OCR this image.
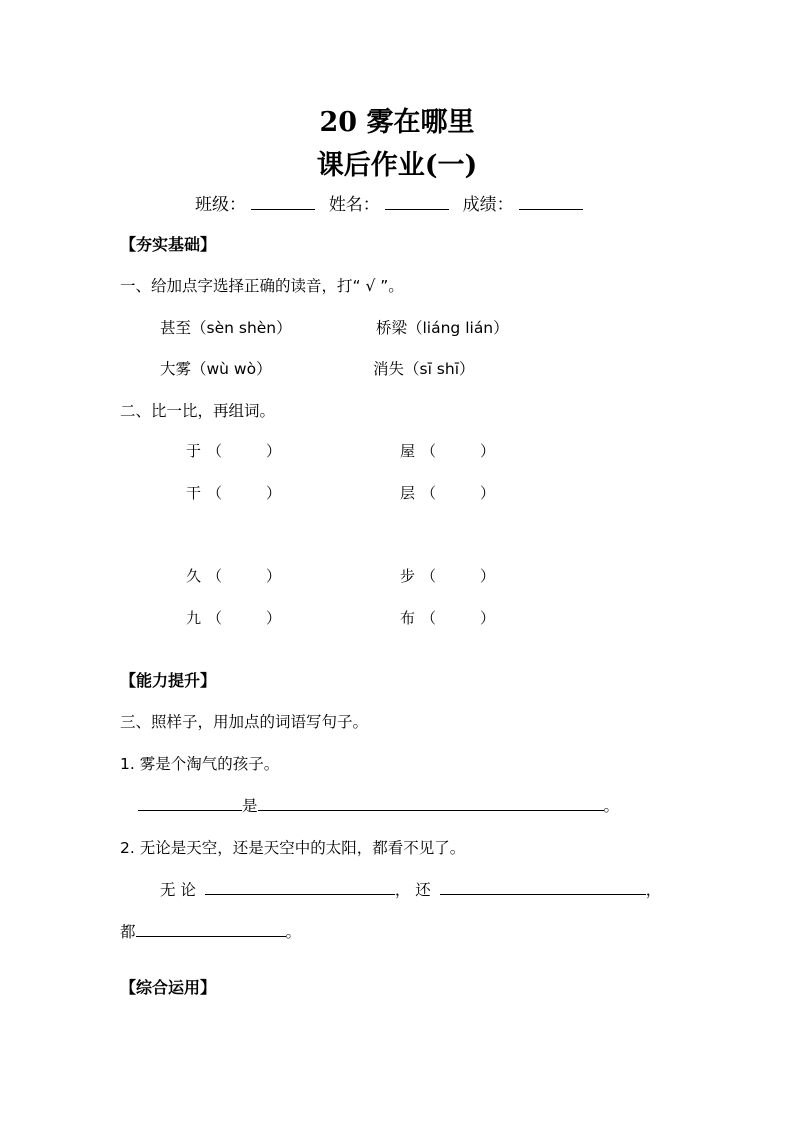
20 雾在哪里
课后作业(一)
班级：	姓名：	成绩：
【夯实基础】
一、给加点字选择正确的读音，打“ √ ”。
甚至（sèn shèn）	桥梁（liáng lián）
大雾（wù wò）	消失（sī shī）
二、比一比，再组词。
于 （	）	屋 （	）
干 （	）	层 （	）
久 （	）	步 （	）
九 （	）	布 （	）
【能力提升】
三、照样子，用加点的词语写句子。
1. 雾是个淘气的孩子。
是	。
2. 无论是天空，还是天空中的太阳，都看不见了。
无 论	， 还	，
都	。
【综合运用】
